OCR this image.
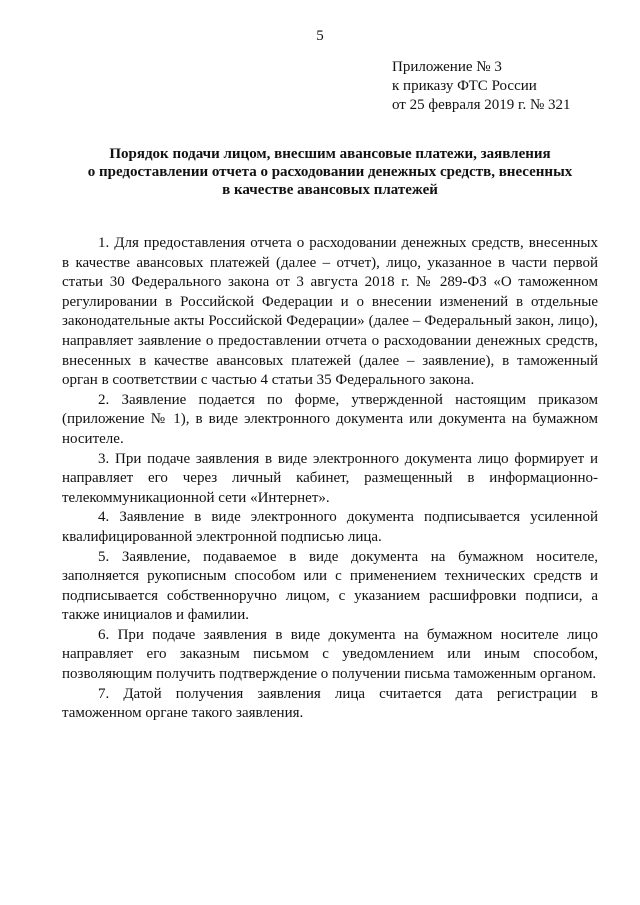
5
Приложение № 3
к приказу ФТС России
от 25 февраля 2019 г. № 321
Порядок подачи лицом, внесшим авансовые платежи, заявления
о предоставлении отчета о расходовании денежных средств, внесенных
в качестве авансовых платежей

1. Для предоставления отчета о расходовании денежных средств, внесенных в качестве авансовых платежей (далее – отчет), лицо, указанное в части первой статьи 30 Федерального закона от 3 августа 2018 г. № 289-ФЗ «О таможенном регулировании в Российской Федерации и о внесении изменений в отдельные законодательные акты Российской Федерации» (далее – Федеральный закон, лицо), направляет заявление о предоставлении отчета о расходовании денежных средств, внесенных в качестве авансовых платежей (далее – заявление), в таможенный орган в соответствии с частью 4 статьи 35 Федерального закона.

2. Заявление подается по форме, утвержденной настоящим приказом (приложение № 1), в виде электронного документа или документа на бумажном носителе.

3. При подаче заявления в виде электронного документа лицо формирует и направляет его через личный кабинет, размещенный в информационно-телекоммуникационной сети «Интернет».

4. Заявление в виде электронного документа подписывается усиленной квалифицированной электронной подписью лица.

5. Заявление, подаваемое в виде документа на бумажном носителе, заполняется рукописным способом или с применением технических средств и подписывается собственноручно лицом, с указанием расшифровки подписи, а также инициалов и фамилии.

6. При подаче заявления в виде документа на бумажном носителе лицо направляет его заказным письмом с уведомлением или иным способом, позволяющим получить подтверждение о получении письма таможенным органом.

7. Датой получения заявления лица считается дата регистрации в таможенном органе такого заявления.
